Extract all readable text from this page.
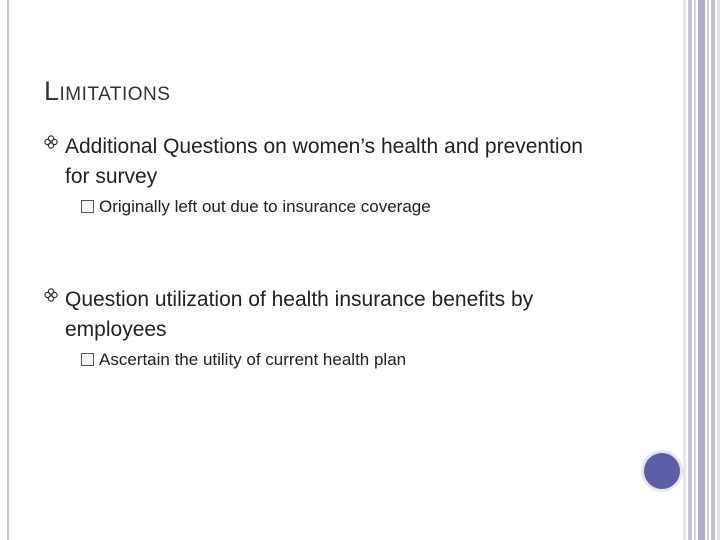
LIMITATIONS
Additional Questions on women’s health and prevention for survey
Originally left out due to insurance coverage
Question utilization of health insurance benefits by employees
Ascertain the utility of current health plan
